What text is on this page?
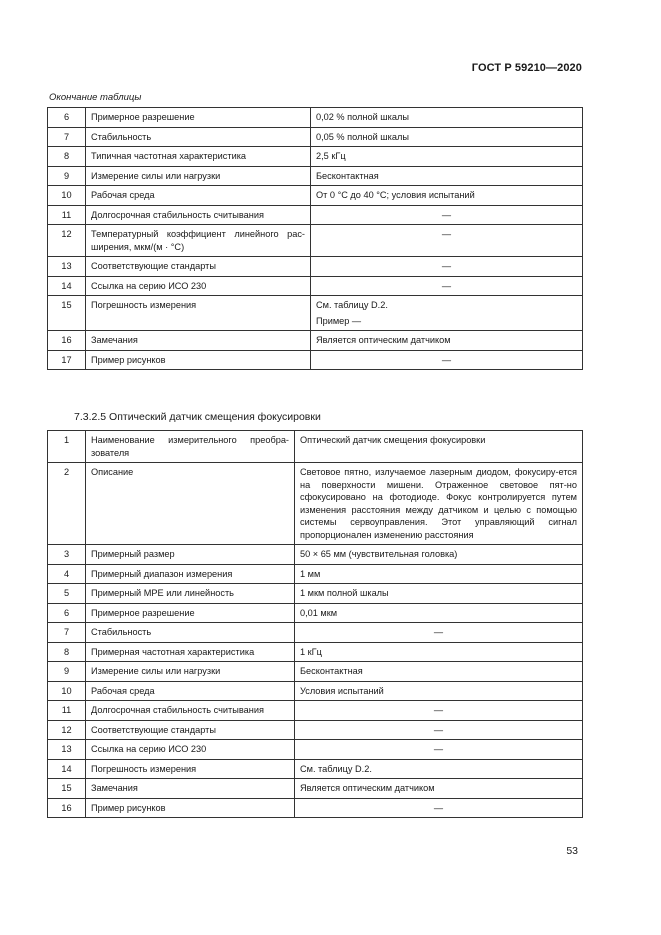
ГОСТ Р 59210—2020
Окончание таблицы
6	Примерное разрешение	0,02 % полной шкалы
7	Стабильность	0,05 % полной шкалы
8	Типичная частотная характеристика	2,5 кГц
9	Измерение силы или нагрузки	Бесконтактная
10	Рабочая среда	От 0 °C до 40 °C; условия испытаний
11	Долгосрочная стабильность считывания	—
12	Температурный коэффициент линейного рас-ширения, мкм/(м · °C)	—
13	Соответствующие стандарты	—
14	Ссылка на серию ИСО 230	—
15	Погрешность измерения	См. таблицу D.2.
Пример —

16	Замечания	Является оптическим датчиком
17	Пример рисунков	—
7.3.2.5 Оптический датчик смещения фокусировки
1	Наименование измерительного преобра-зователя	Оптический датчик смещения фокусировки
2	Описание	Световое пятно, излучаемое лазерным диодом, фокусиру-ется на поверхности мишени. Отраженное световое пят-но сфокусировано на фотодиоде. Фокус контролируется путем изменения расстояния между датчиком и целью с помощью системы сервоуправления. Этот управляющий сигнал пропорционален изменению расстояния
3	Примерный размер	50 × 65 мм (чувствительная головка)
4	Примерный диапазон измерения	1 мм
5	Примерный MPE или линейность	1 мкм полной шкалы
6	Примерное разрешение	0,01 мкм
7	Стабильность	—
8	Примерная частотная характеристика	1 кГц
9	Измерение силы или нагрузки	Бесконтактная
10	Рабочая среда	Условия испытаний
11	Долгосрочная стабильность считывания	—
12	Соответствующие стандарты	—
13	Ссылка на серию ИСО 230	—
14	Погрешность измерения	См. таблицу D.2.
15	Замечания	Является оптическим датчиком
16	Пример рисунков	—
53
